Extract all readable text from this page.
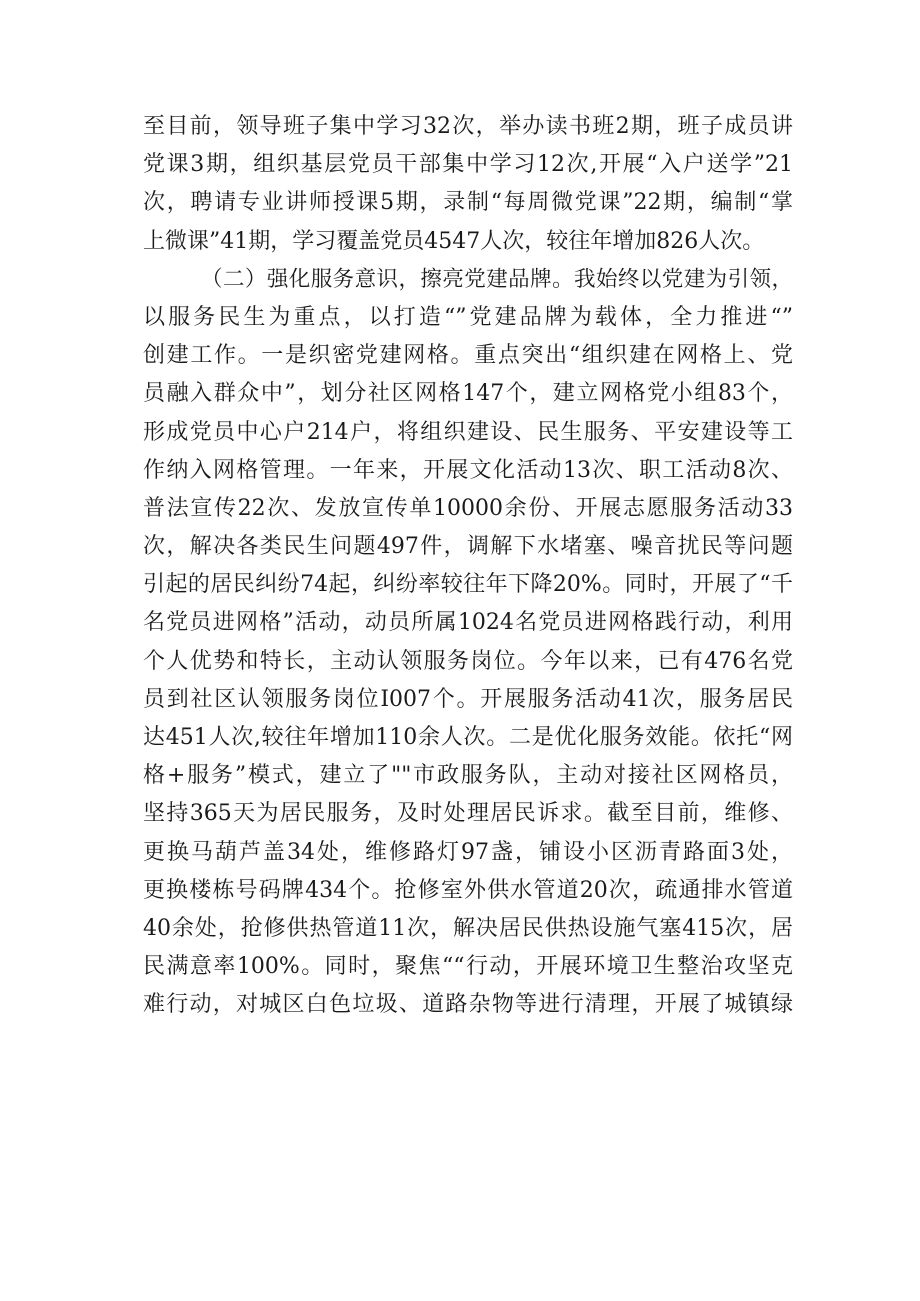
至目前，领导班子集中学习32次，举办读书班2期，班子成员讲
党课3期，组织基层党员干部集中学习12次,开展“入户送学”21
次，聘请专业讲师授课5期，录制“每周微党课”22期，编制“掌
上微课”41期，学习覆盖党员4547人次，较往年增加826人次。
（二）强化服务意识，擦亮党建品牌。我始终以党建为引领，
以服务民生为重点，以打造“”党建品牌为载体，全力推进“”
创建工作。一是织密党建网格。重点突出“组织建在网格上、党
员融入群众中”，划分社区网格147个，建立网格党小组83个，
形成党员中心户214户，将组织建设、民生服务、平安建设等工
作纳入网格管理。一年来，开展文化活动13次、职工活动8次、
普法宣传22次、发放宣传单10000余份、开展志愿服务活动33
次，解决各类民生问题497件，调解下水堵塞、噪音扰民等问题
引起的居民纠纷74起，纠纷率较往年下降20%。同时，开展了“千
名党员进网格”活动，动员所属1024名党员进网格践行动，利用
个人优势和特长，主动认领服务岗位。今年以来，已有476名党
员到社区认领服务岗位I007个。开展服务活动41次，服务居民
达451人次,较往年增加110余人次。二是优化服务效能。依托“网
格+服务”模式，建立了""市政服务队，主动对接社区网格员，
坚持365天为居民服务，及时处理居民诉求。截至目前，维修、
更换马葫芦盖34处，维修路灯97盏，铺设小区沥青路面3处，
更换楼栋号码牌434个。抢修室外供水管道20次，疏通排水管道
40余处，抢修供热管道11次，解决居民供热设施气塞415次，居
民满意率100%。同时，聚焦““行动，开展环境卫生整治攻坚克
难行动，对城区白色垃圾、道路杂物等进行清理，开展了城镇绿
